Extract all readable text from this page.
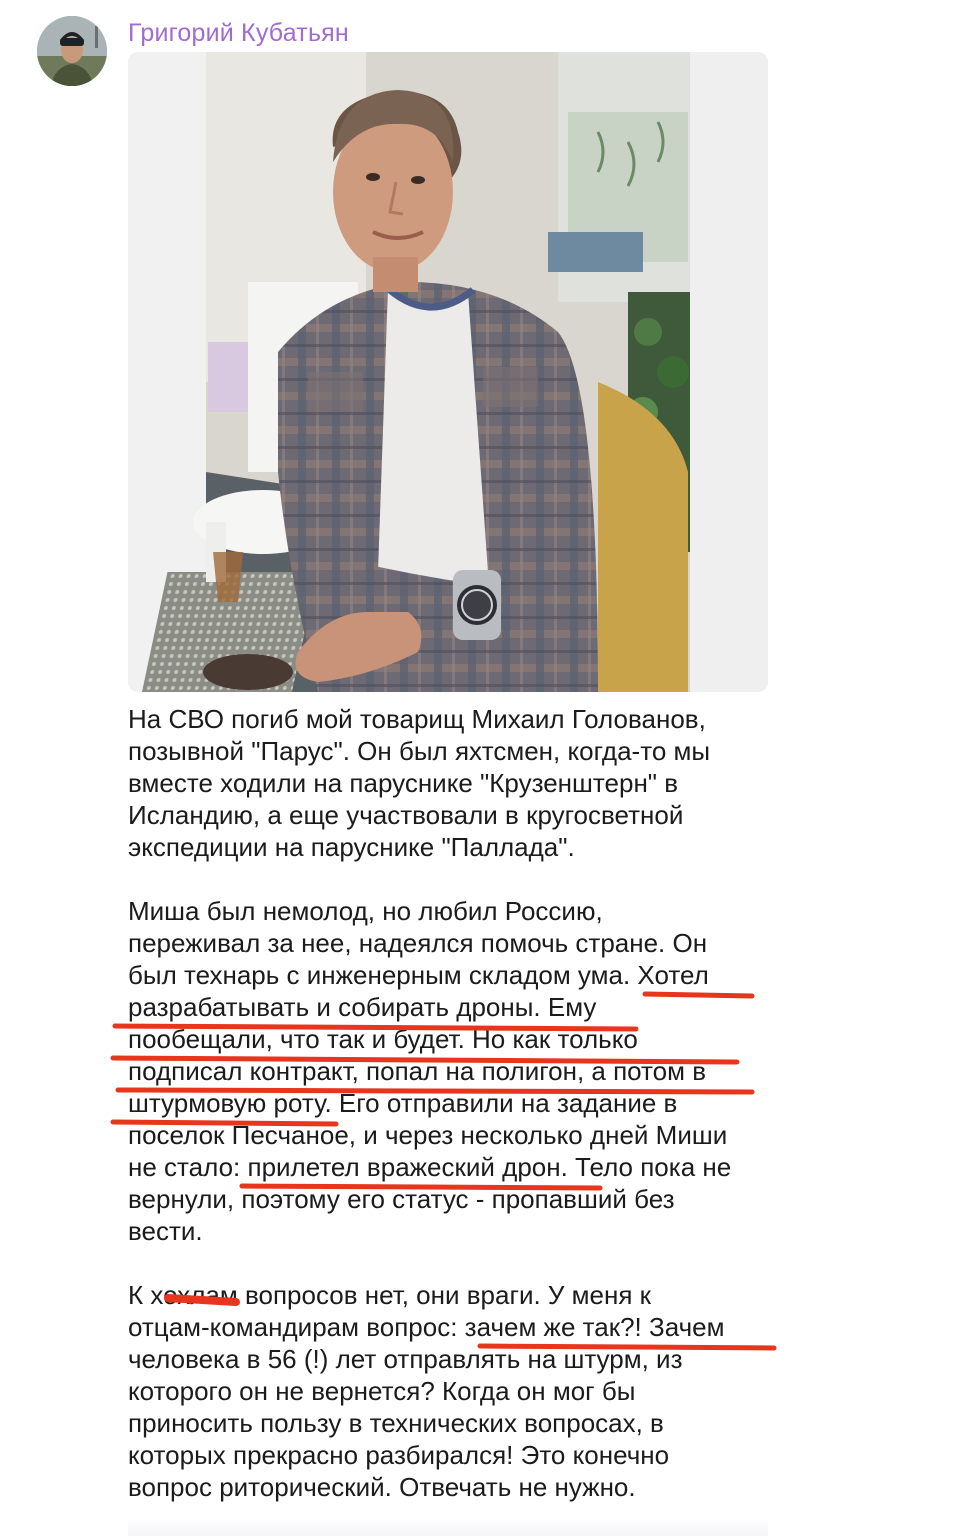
Григорий Кубатьян

На СВО погиб мой товарищ Михаил Голованов,
позывной "Парус". Он был яхтсмен, когда-то мы
вместе ходили на паруснике "Крузенштерн" в
Исландию, а еще участвовали в кругосветной
экспедиции на паруснике "Паллада".

Миша был немолод, но любил Россию,
переживал за нее, надеялся помочь стране. Он
был технарь с инженерным складом ума. Хотел
разрабатывать и собирать дроны. Ему
пообещали, что так и будет. Но как только
подписал контракт, попал на полигон, а потом в
штурмовую роту. Его отправили на задание в
поселок Песчаное, и через несколько дней Миши
не стало: прилетел вражеский дрон. Тело пока не
вернули, поэтому его статус - пропавший без
вести.

К хохлам вопросов нет, они враги. У меня к
отцам-командирам вопрос: зачем же так?! Зачем
человека в 56 (!) лет отправлять на штурм, из
которого он не вернется? Когда он мог бы
приносить пользу в технических вопросах, в
которых прекрасно разбирался! Это конечно
вопрос риторический. Отвечать не нужно.
